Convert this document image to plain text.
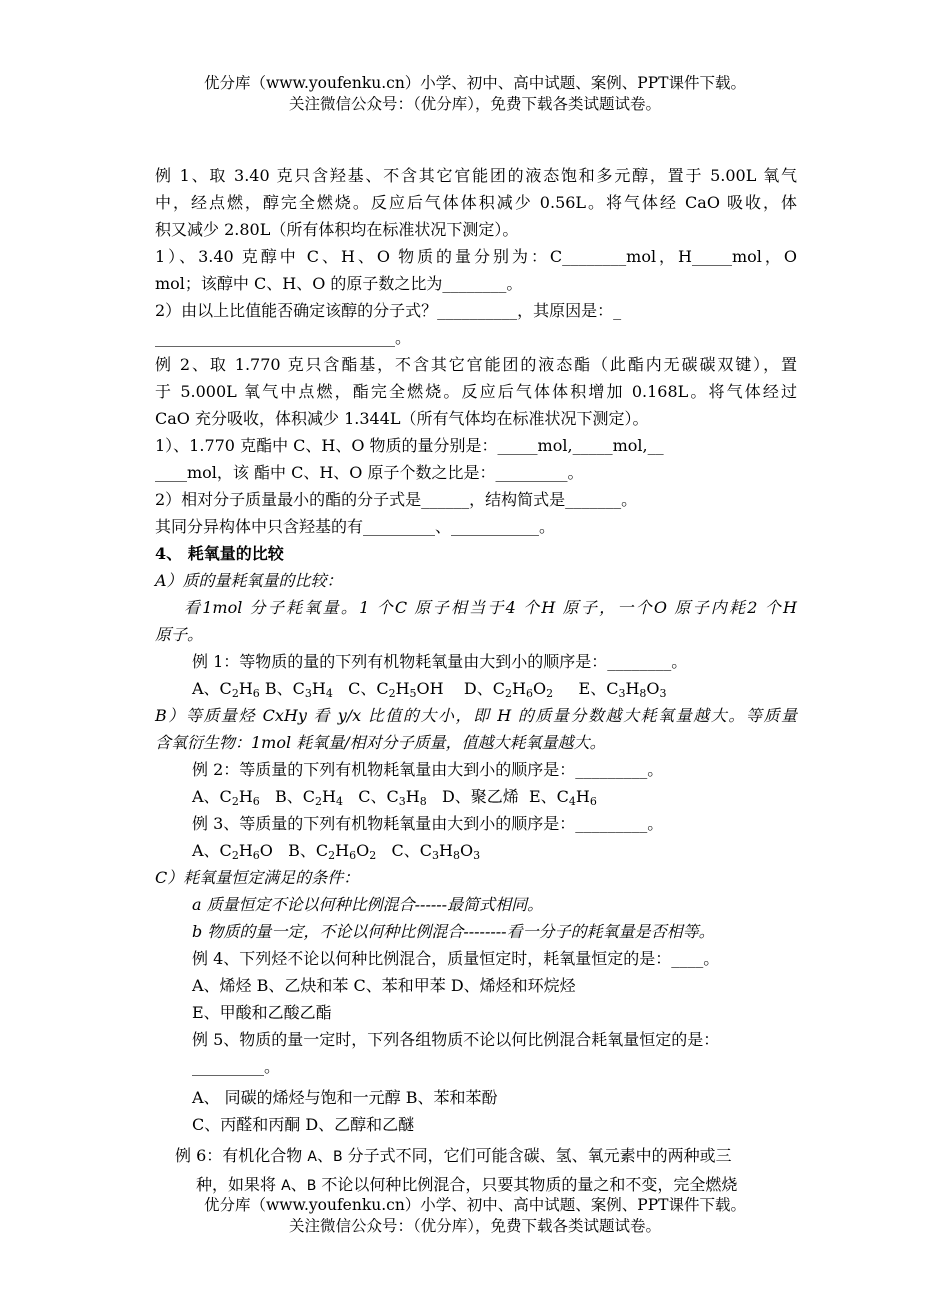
优分库（www.youfenku.cn）小学、初中、高中试题、案例、PPT课件下载。
关注微信公众号：（优分库），免费下载各类试题试卷。

例 1、取 3.40 克只含羟基、不含其它官能团的液态饱和多元醇，置于 5.00L 氧气

中，经点燃，醇完全燃烧。反应后气体体积减少 0.56L。将气体经 CaO 吸收，体

积又减少 2.80L（所有体积均在标准状况下测定）。

1）、3.40 克醇中 C、H、O 物质的量分别为：C________mol，H_____mol，O

mol；该醇中 C、H、O 的原子数之比为________。

2）由以上比值能否确定该醇的分子式？__________，其原因是：_

______________________________。

例 2、取 1.770 克只含酯基，不含其它官能团的液态酯（此酯内无碳碳双键），置

于 5.000L 氧气中点燃，酯完全燃烧。反应后气体体积增加 0.168L。将气体经过

CaO 充分吸收，体积减少 1.344L（所有气体均在标准状况下测定）。

1）、1.770 克酯中 C、H、O 物质的量分别是：_____mol,_____mol,__

____mol，该 酯中 C、H、O 原子个数之比是：_________。

2）相对分子质量最小的酯的分子式是______，结构简式是_______。

其同分异构体中只含羟基的有_________、___________。

4、 耗氧量的比较

A）质的量耗氧量的比较：

看1mol 分子耗氧量。1 个C 原子相当于4 个H 原子，一个O 原子内耗2 个H

原子。

例 1：等物质的量的下列有机物耗氧量由大到小的顺序是：________。

A、$C_2H_6$ B、$C_3H_4$   C、$C_2H_5OH$    D、$C_2H_6O_2$     E、$C_3H_8O_3$

B）等质量烃 CxHy 看 y/x 比值的大小，即 H 的质量分数越大耗氧量越大。等质量

含氧衍生物：1mol 耗氧量/相对分子质量，值越大耗氧量越大。

例 2：等质量的下列有机物耗氧量由大到小的顺序是：_________。

A、$C_2H_6$   B、$C_2H_4$   C、$C_3H_8$   D、聚乙烯  E、$C_4H_6$

例 3、等质量的下列有机物耗氧量由大到小的顺序是：_________。

A、$C_2H_6O$   B、$C_2H_6O_2$   C、$C_3H_8O_3$

C）耗氧量恒定满足的条件：

a 质量恒定不论以何种比例混合------最简式相同。

b 物质的量一定，不论以何种比例混合--------看一分子的耗氧量是否相等。

例 4、下列烃不论以何种比例混合，质量恒定时，耗氧量恒定的是：____。

A、烯烃 B、乙炔和苯 C、苯和甲苯 D、烯烃和环烷烃

E、甲酸和乙酸乙酯

例 5、物质的量一定时，下列各组物质不论以何比例混合耗氧量恒定的是：

_________。

A、 同碳的烯烃与饱和一元醇 B、苯和苯酚

C、丙醛和丙酮 D、乙醇和乙醚

例 6：有机化合物 A、B 分子式不同，它们可能含碳、氢、氧元素中的两种或三

种，如果将 A、B 不论以何种比例混合，只要其物质的量之和不变，完全燃烧

优分库（www.youfenku.cn）小学、初中、高中试题、案例、PPT课件下载。
关注微信公众号：（优分库），免费下载各类试题试卷。
